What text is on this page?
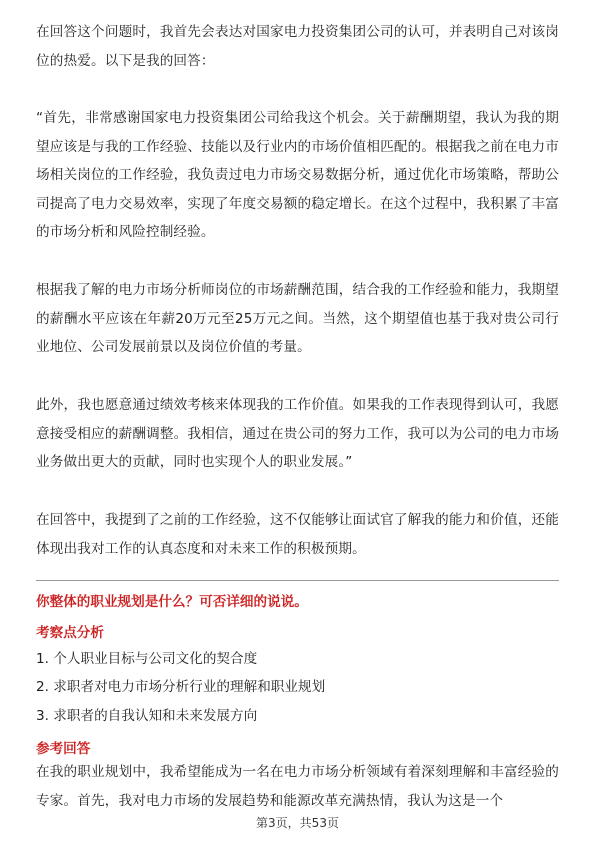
在回答这个问题时，我首先会表达对国家电力投资集团公司的认可，并表明自己对该岗位的热爱。以下是我的回答：

“首先，非常感谢国家电力投资集团公司给我这个机会。关于薪酬期望，我认为我的期望应该是与我的工作经验、技能以及行业内的市场价值相匹配的。根据我之前在电力市场相关岗位的工作经验，我负责过电力市场交易数据分析，通过优化市场策略，帮助公司提高了电力交易效率，实现了年度交易额的稳定增长。在这个过程中，我积累了丰富的市场分析和风险控制经验。

根据我了解的电力市场分析师岗位的市场薪酬范围，结合我的工作经验和能力，我期望的薪酬水平应该在年薪20万元至25万元之间。当然，这个期望值也基于我对贵公司行业地位、公司发展前景以及岗位价值的考量。

此外，我也愿意通过绩效考核来体现我的工作价值。如果我的工作表现得到认可，我愿意接受相应的薪酬调整。我相信，通过在贵公司的努力工作，我可以为公司的电力市场业务做出更大的贡献，同时也实现个人的职业发展。”

在回答中，我提到了之前的工作经验，这不仅能够让面试官了解我的能力和价值，还能体现出我对工作的认真态度和对未来工作的积极预期。

你整体的职业规划是什么？可否详细的说说。

考察点分析

1. 个人职业目标与公司文化的契合度

2. 求职者对电力市场分析行业的理解和职业规划

3. 求职者的自我认知和未来发展方向

参考回答

在我的职业规划中，我希望能成为一名在电力市场分析领域有着深刻理解和丰富经验的专家。首先，我对电力市场的发展趋势和能源改革充满热情，我认为这是一个

第3页，共53页
